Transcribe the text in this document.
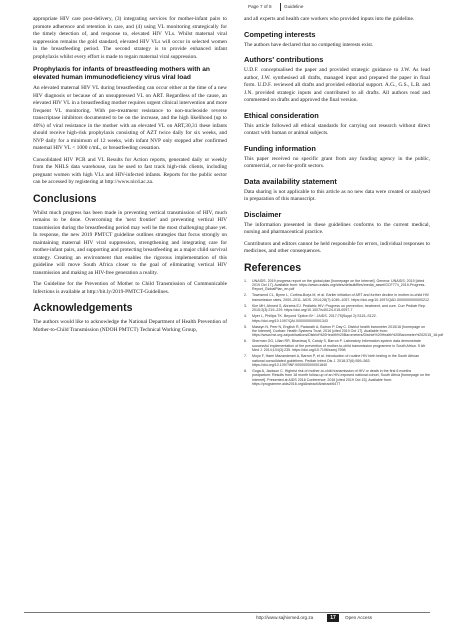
Page 7 of 8	Guideline

appropriate HIV care post-delivery, (3) integrating services for mother-infant pairs to promote adherence and retention in care, and (4) using VL monitoring strategically for the timely detection of, and response to, elevated HIV VLs. Whilst maternal viral suppression remains the gold standard, elevated HIV VLs will occur in selected women in the breastfeeding period. The second strategy is to provide enhanced infant prophylaxis whilst every effort is made to regain maternal viral suppression.

Prophylaxis for infants of breastfeeding mothers with an elevated human immunodeficiency virus viral load

An elevated maternal HIV VL during breastfeeding can occur either at the time of a new HIV diagnosis or because of an unsuppressed VL on ART. Regardless of the cause, an elevated HIV VL in a breastfeeding mother requires urgent clinical intervention and more frequent VL monitoring. With pre-treatment resistance to non-nucleoside reverse transcriptase inhibitors documented to be on the increase, and the high likelihood (up to 40%) of viral resistance in the mother with an elevated VL on ART,30,31 these infants should receive high-risk prophylaxis consisting of AZT twice daily for six weeks, and NVP daily for a minimum of 12 weeks, with infant NVP only stopped after confirmed maternal HIV VL < 1000 c/mL, or breastfeeding cessation.

Consolidated HIV PCR and VL Results for Action reports, generated daily or weekly from the NHLS data warehouse, can be used to fast track high-risk clients, including pregnant women with high VLs and HIV-infected infants. Reports for the public sector can be accessed by registering at http://www.nicd.ac.za.

Conclusions

Whilst much progress has been made in preventing vertical transmission of HIV, much remains to be done. Overcoming the 'next frontier' and preventing vertical HIV transmission during the breastfeeding period may well be the most challenging phase yet. In response, the new 2019 PMTCT guideline outlines strategies that focus strongly on maintaining maternal HIV viral suppression, strengthening and integrating care for mother-infant pairs, and supporting and protecting breastfeeding as a major child survival strategy. Creating an environment that enables the rigorous implementation of this guideline will move South Africa closer to the goal of eliminating vertical HIV transmission and making an HIV-free generation a reality.

The Guideline for the Prevention of Mother to Child Transmission of Communicable Infections is available at http://bit.ly/2019-PMTCT-Guidelines.

Acknowledgements

The authors would like to acknowledge the National Department of Health Prevention of Mother-to-Child Transmission (NDOH PMTCT) Technical Working Group,

and all experts and health care workers who provided inputs into the guideline.

Competing interests

The authors have declared that no competing interests exist.

Authors' contributions

U.D.F. conceptualised the paper and provided strategic guidance to J.W. As lead author, J.W. synthesised all drafts, managed input and prepared the paper in final form. U.D.F. reviewed all drafts and provided editorial support. A.G., G.S., L.B. and J.N. provided strategic inputs and contributed to all drafts. All authors read and commented on drafts and approved the final version.

Ethical consideration

This article followed all ethical standards for carrying out research without direct contact with human or animal subjects.

Funding information

This paper received no specific grant from any funding agency in the public, commercial, or not-for-profit sectors.

Data availability statement

Data sharing is not applicable to this article as no new data were created or analysed in preparation of this manuscript.

Disclaimer

The information presented in these guidelines conforms to the current medical, nursing and pharmaceutical practice.

Contributors and editors cannot be held responsible for errors, individual responses to medicines, and other consequences.

References
1. UNAIDS. 2019 progress report on the global plan [homepage on the Internet]. Geneva: UNAIDS; 2019 [cited 2019 Oct 17]. Available from: https://www.unaids.org/sites/default/files/media_asset/GCF774_2019-Progress-Report_GlobalPlan_en.pdf
2. Townsend CL, Byrne L, Cortina-Borja M, et al. Earlier initiation of ART and further decline in mother-to-child HIV transmission rates, 2000–2011. AIDS. 2014;28(7):1049–1057. https://doi.org/10.1097/QAD.0000000000000212
3. Kim MH, Ahmed S, Abrams EJ. Pediatric HIV: Progress on prevention, treatment, and cure. Curr Pediatr Rep. 2015;3(3):219–229. https://doi.org/10.1007/s40124-015-0097-7
4. Myer L, Phillips TK. Beyond 'Option B+'. JAIDS. 2017;75(Suppl 2):S115–S122. https://doi.org/10.1097/QAI.0000000000001343
5. Massyn N, Peer N, English R, Padarath A, Barron P, Day C. District health barometer 2015/16 [homepage on the Internet]. Durban: Health Systems Trust; 2016 [cited 2019 Oct 17]. Available from: https://www.hst.org.za/publications/District%20Health%20Barometers/District%20Health%20Barometer%202015_16.pdf
6. Sherman GG, Lilian RR, Bhardwaj S, Candy S, Barron P. Laboratory information system data demonstrate successful implementation of the prevention of mother-to-child transmission programme in South Africa. S Afr Med J. 2014;104(3):235. https://doi.org/10.7196/samj.7598
7. Moyo F, Haeri Mazanderani A, Barron P, et al. Introduction of routine HIV birth testing in the South African national consolidated guidelines. Pediatr Infect Dis J. 2018;37(6):559–563. https://doi.org/10.1097/INF.0000000000001840
8. Goga A, Jackson C. Highest risk of mother-to-child transmission of HIV or death in the first 6 months postpartum: Results from 18 month follow-up of an HIV-exposed national cohort, South Africa [homepage on the Internet]. Presented at AIDS 2016 Conference; 2016 [cited 2019 Oct 15]. Available from: https://programme.aids2016.org/Abstract/Abstract/6477
http://www.sajhivmed.org.za	17	Open Access
